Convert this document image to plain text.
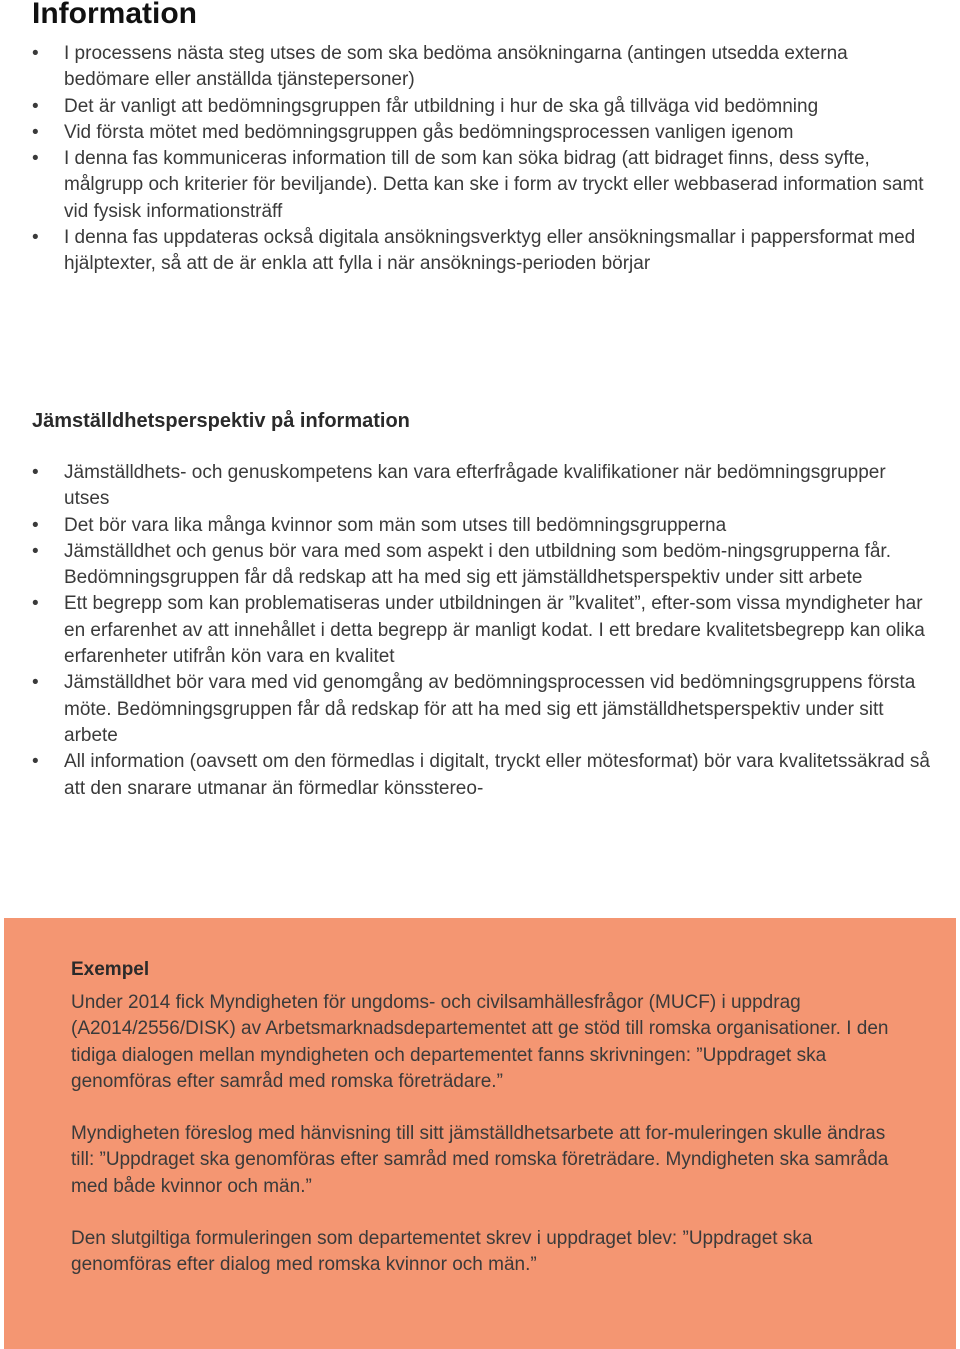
Information
•	I processens nästa steg utses de som ska bedöma ansökningarna (antingen utsedda externa bedömare eller anställda tjänstepersoner)
•	Det är vanligt att bedömningsgruppen får utbildning i hur de ska gå tillväga vid bedömning
•	Vid första mötet med bedömningsgruppen gås bedömningsprocessen vanligen igenom
•	I denna fas kommuniceras information till de som kan söka bidrag (att bidraget finns, dess syfte, målgrupp och kriterier för beviljande). Detta kan ske i form av tryckt eller webbaserad information samt vid fysisk informationsträff
•	I denna fas uppdateras också digitala ansökningsverktyg eller ansökningsmallar i pappersformat med hjälptexter, så att de är enkla att fylla i när ansöknings-perioden börjar
Jämställdhetsperspektiv på information
•	Jämställdhets- och genuskompetens kan vara efterfrågade kvalifikationer när bedömningsgrupper utses
•	Det bör vara lika många kvinnor som män som utses till bedömningsgrupperna
•	Jämställdhet och genus bör vara med som aspekt i den utbildning som bedöm-ningsgrupperna får. Bedömningsgruppen får då redskap att ha med sig ett jämställdhetsperspektiv under sitt arbete
•	Ett begrepp som kan problematiseras under utbildningen är ”kvalitet”, efter-som vissa myndigheter har en erfarenhet av att innehållet i detta begrepp är manligt kodat. I ett bredare kvalitetsbegrepp kan olika erfarenheter utifrån kön vara en kvalitet
•	Jämställdhet bör vara med vid genomgång av bedömningsprocessen vid bedömningsgruppens första möte. Bedömningsgruppen får då redskap för att ha med sig ett jämställdhetsperspektiv under sitt arbete
•	All information (oavsett om den förmedlas i digitalt, tryckt eller mötesformat) bör vara kvalitetssäkrad så att den snarare utmanar än förmedlar könsstereo-
Exempel

Under 2014 fick Myndigheten för ungdoms- och civilsamhällesfrågor (MUCF) i uppdrag (A2014/2556/DISK) av Arbetsmarknadsdepartementet att ge stöd till romska organisationer. I den tidiga dialogen mellan myndigheten och departementet fanns skrivningen: ”Uppdraget ska genomföras efter samråd med romska företrädare.”

Myndigheten föreslog med hänvisning till sitt jämställdhetsarbete att for-muleringen skulle ändras till: ”Uppdraget ska genomföras efter samråd med romska företrädare. Myndigheten ska samråda med både kvinnor och män.”

Den slutgiltiga formuleringen som departementet skrev i uppdraget blev: ”Uppdraget ska genomföras efter dialog med romska kvinnor och män.”
